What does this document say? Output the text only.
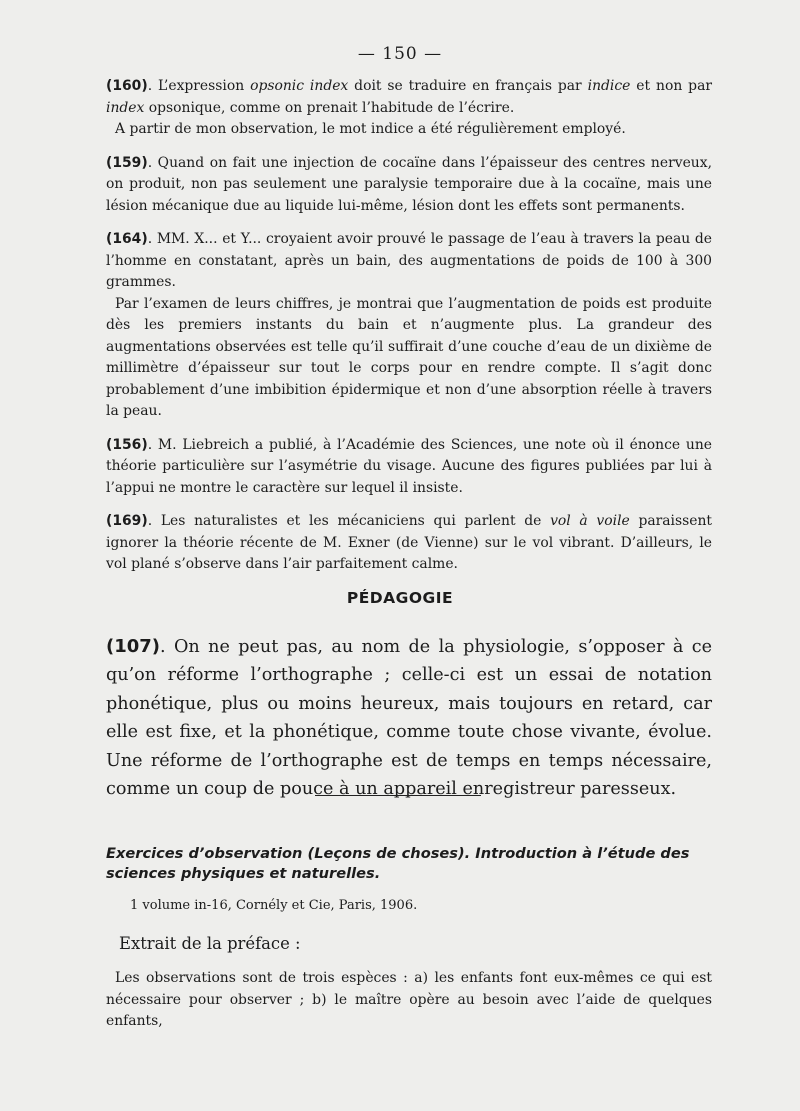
— 150 —

(160). L’expression opsonic index doit se traduire en français par indice et non par index opsonique, comme on prenait l’habitude de l’écrire.

A partir de mon observation, le mot indice a été régulièrement employé.

(159). Quand on fait une injection de cocaïne dans l’épaisseur des centres nerveux, on produit, non pas seulement une paralysie temporaire due à la cocaïne, mais une lésion mécanique due au liquide lui-même, lésion dont les effets sont permanents.

(164). MM. X... et Y... croyaient avoir prouvé le passage de l’eau à travers la peau de l’homme en constatant, après un bain, des augmentations de poids de 100 à 300 grammes.

Par l’examen de leurs chiffres, je montrai que l’augmentation de poids est produite dès les premiers instants du bain et n’augmente plus. La grandeur des augmentations observées est telle qu’il suffirait d’une couche d’eau de un dixième de millimètre d’épaisseur sur tout le corps pour en rendre compte. Il s’agit donc probablement d’une imbibition épidermique et non d’une absorption réelle à travers la peau.

(156). M. Liebreich a publié, à l’Académie des Sciences, une note où il énonce une théorie particulière sur l’asymétrie du visage. Aucune des figures publiées par lui à l’appui ne montre le caractère sur lequel il insiste.

(169). Les naturalistes et les mécaniciens qui parlent de vol à voile paraissent ignorer la théorie récente de M. Exner (de Vienne) sur le vol vibrant. D’ailleurs, le vol plané s’observe dans l’air parfaitement calme.

PÉDAGOGIE

(107). On ne peut pas, au nom de la physiologie, s’opposer à ce qu’on réforme l’orthographe ; celle-ci est un essai de notation phonétique, plus ou moins heureux, mais toujours en retard, car elle est fixe, et la phonétique, comme toute chose vivante, évolue. Une réforme de l’orthographe est de temps en temps nécessaire, comme un coup de pouce à un appareil enregistreur paresseux.

Exercices d’observation (Leçons de choses). Introduction à l’étude des sciences physiques et naturelles.
1 volume in-16, Cornély et Cie, Paris, 1906.
Extrait de la préface :
Les observations sont de trois espèces : a) les enfants font eux-mêmes ce qui est nécessaire pour observer ; b) le maître opère au besoin avec l’aide de quelques enfants,
